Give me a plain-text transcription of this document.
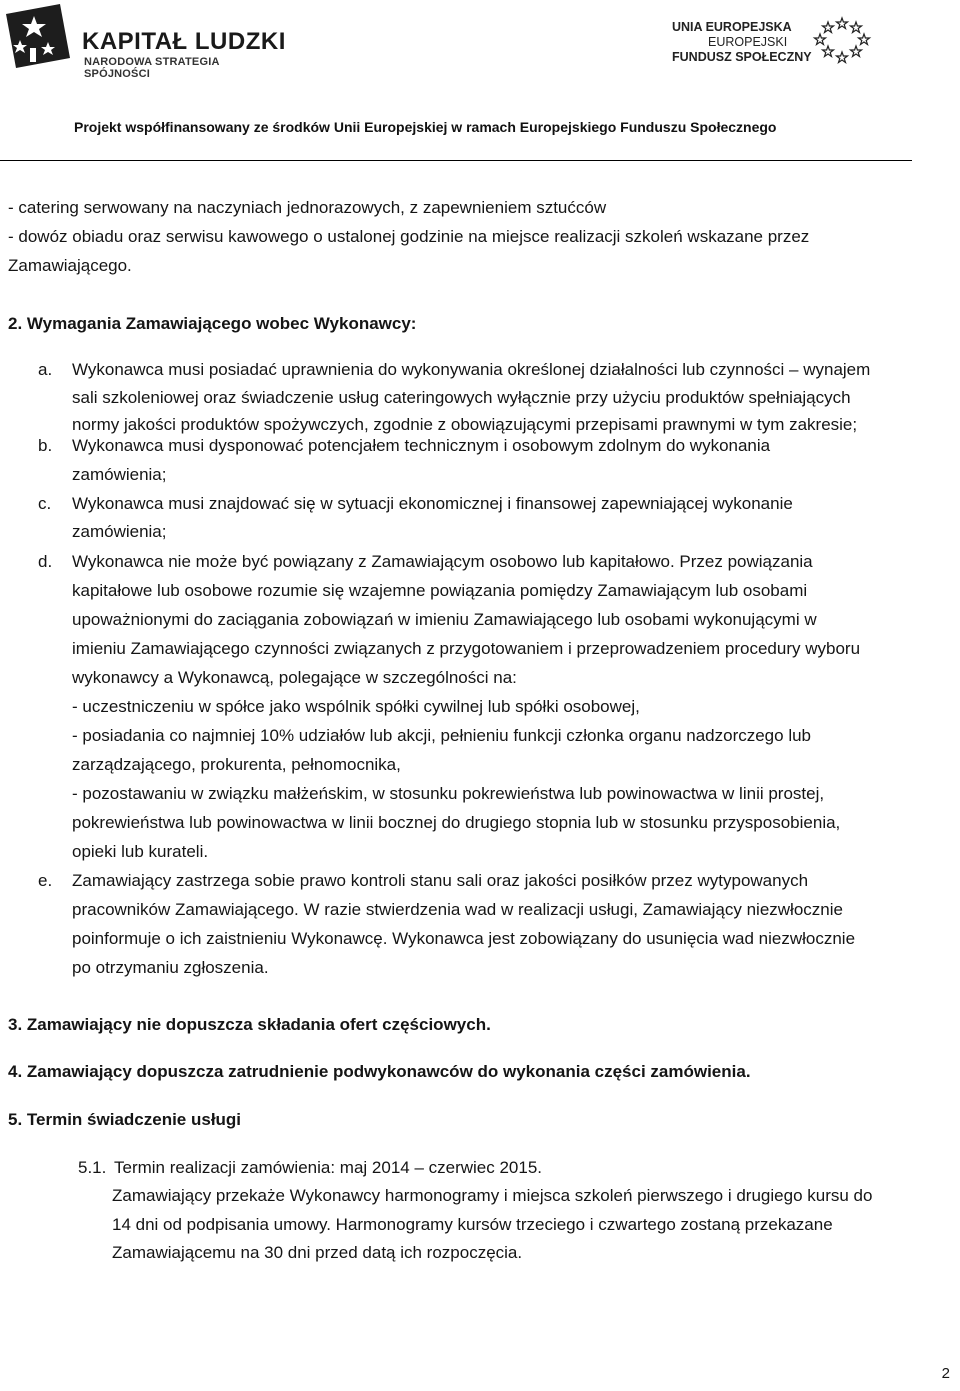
KAPITAŁ LUDZKI
NARODOWA STRATEGIA SPÓJNOŚCI
UNIA EUROPEJSKA
EUROPEJSKI
FUNDUSZ SPOŁECZNY
Projekt współfinansowany ze środków Unii Europejskiej w ramach Europejskiego Funduszu Społecznego
- catering serwowany na naczyniach jednorazowych, z zapewnieniem sztućców
- dowóz obiadu oraz serwisu kawowego o ustalonej godzinie na miejsce realizacji szkoleń wskazane przez
Zamawiającego.
2. Wymagania Zamawiającego wobec Wykonawcy:
a. Wykonawca musi posiadać uprawnienia do wykonywania określonej działalności lub czynności – wynajem
sali szkoleniowej oraz świadczenie usług cateringowych wyłącznie przy użyciu produktów spełniających
normy jakości produktów spożywczych, zgodnie z obowiązującymi przepisami prawnymi w tym zakresie;
b. Wykonawca musi dysponować potencjałem technicznym i osobowym zdolnym do wykonania
zamówienia;
c. Wykonawca musi znajdować się w sytuacji ekonomicznej i finansowej zapewniającej wykonanie
zamówienia;
d. Wykonawca nie może być powiązany z Zamawiającym osobowo lub kapitałowo. Przez powiązania
kapitałowe lub osobowe rozumie się wzajemne powiązania pomiędzy Zamawiającym lub osobami
upoważnionymi do zaciągania zobowiązań w imieniu Zamawiającego lub osobami wykonującymi w
imieniu Zamawiającego czynności związanych z przygotowaniem i przeprowadzeniem procedury wyboru
wykonawcy a Wykonawcą, polegające w szczególności na:
- uczestniczeniu w spółce jako wspólnik spółki cywilnej lub spółki osobowej,
- posiadania co najmniej 10% udziałów lub akcji, pełnieniu funkcji członka organu nadzorczego lub
zarządzającego, prokurenta, pełnomocnika,
- pozostawaniu w związku małżeńskim, w stosunku pokrewieństwa lub powinowactwa w linii prostej,
pokrewieństwa lub powinowactwa w linii bocznej do drugiego stopnia lub w stosunku przysposobienia,
opieki lub kurateli.
e. Zamawiający zastrzega sobie prawo kontroli stanu sali oraz jakości posiłków przez wytypowanych
pracowników Zamawiającego. W razie stwierdzenia wad w realizacji usługi, Zamawiający niezwłocznie
poinformuje o ich zaistnieniu Wykonawcę. Wykonawca jest zobowiązany do usunięcia wad niezwłocznie
po otrzymaniu zgłoszenia.
3. Zamawiający nie dopuszcza składania ofert częściowych.
4. Zamawiający dopuszcza zatrudnienie podwykonawców do wykonania części zamówienia.
5. Termin świadczenie usługi
5.1. Termin realizacji zamówienia: maj 2014 – czerwiec 2015.
Zamawiający przekaże Wykonawcy harmonogramy i miejsca szkoleń pierwszego i drugiego kursu do
14 dni od podpisania umowy. Harmonogramy kursów trzeciego i czwartego zostaną przekazane
Zamawiającemu na 30 dni przed datą ich rozpoczęcia.
2
